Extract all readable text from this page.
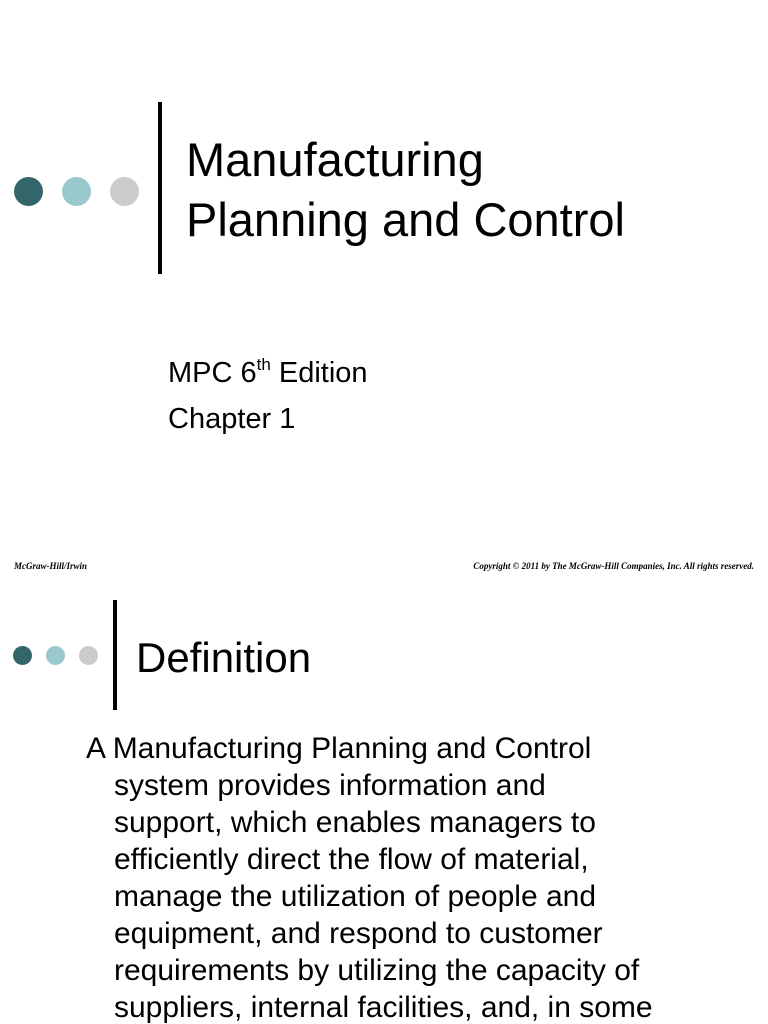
Manufacturing
Planning and Control
MPC 6th Edition
Chapter 1
McGraw-Hill/Irwin	Copyright © 2011 by The McGraw-Hill Companies, Inc. All rights reserved.
Definition

A Manufacturing Planning and Control
system provides information and
support, which enables managers to
efficiently direct the flow of material,
manage the utilization of people and
equipment, and respond to customer
requirements by utilizing the capacity of
suppliers, internal facilities, and, in some
